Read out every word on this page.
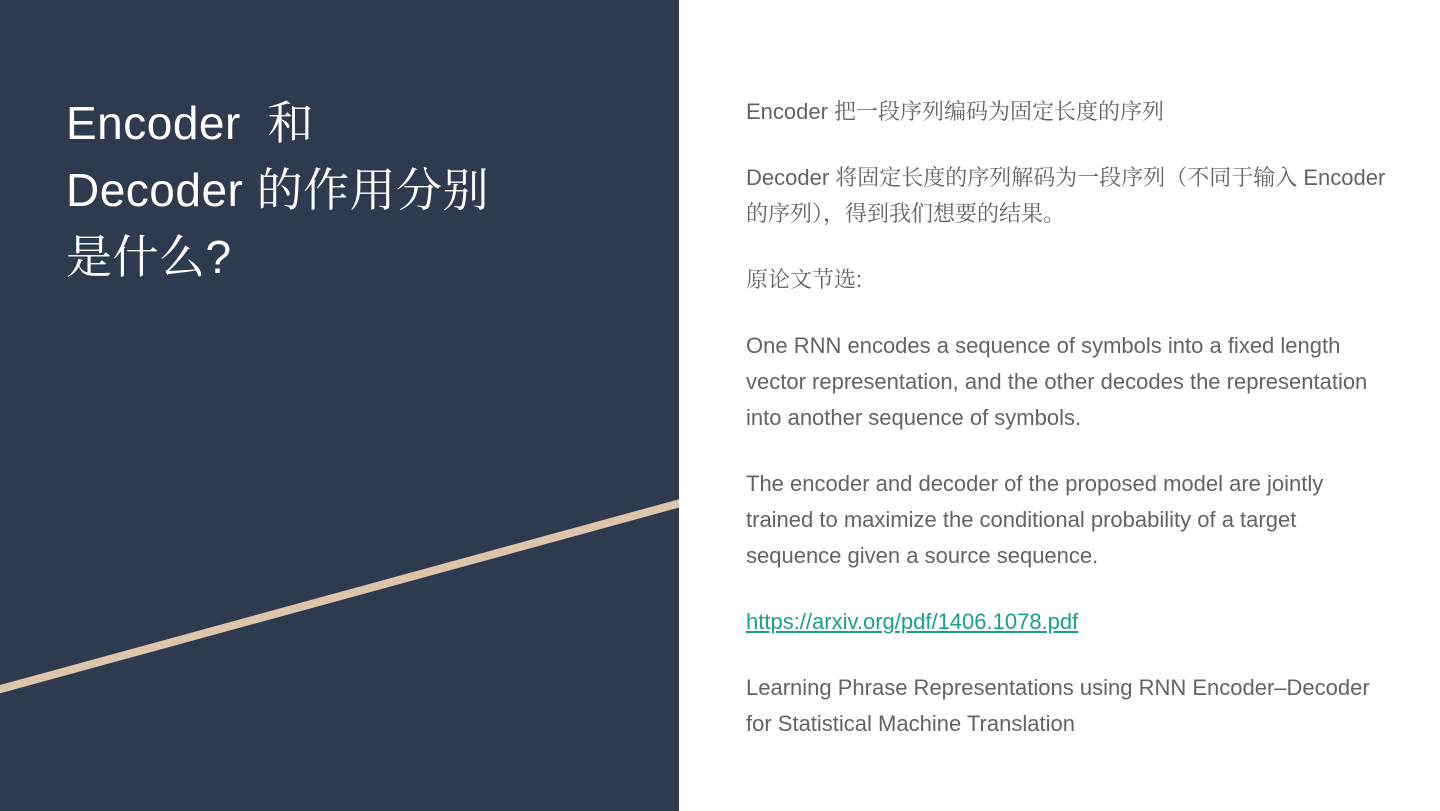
Encoder  和
Decoder 的作用分别
是什么?

Encoder 把一段序列编码为固定长度的序列

Decoder 将固定长度的序列解码为一段序列（不同于输入 Encoder 的序列），得到我们想要的结果。

原论文节选:

One RNN encodes a sequence of symbols into a fixed length vector representation, and the other decodes the representation into another sequence of symbols.

The encoder and decoder of the proposed model are jointly trained to maximize the conditional probability of a target sequence given a source sequence.

https://arxiv.org/pdf/1406.1078.pdf

Learning Phrase Representations using RNN Encoder–Decoder for Statistical Machine Translation
